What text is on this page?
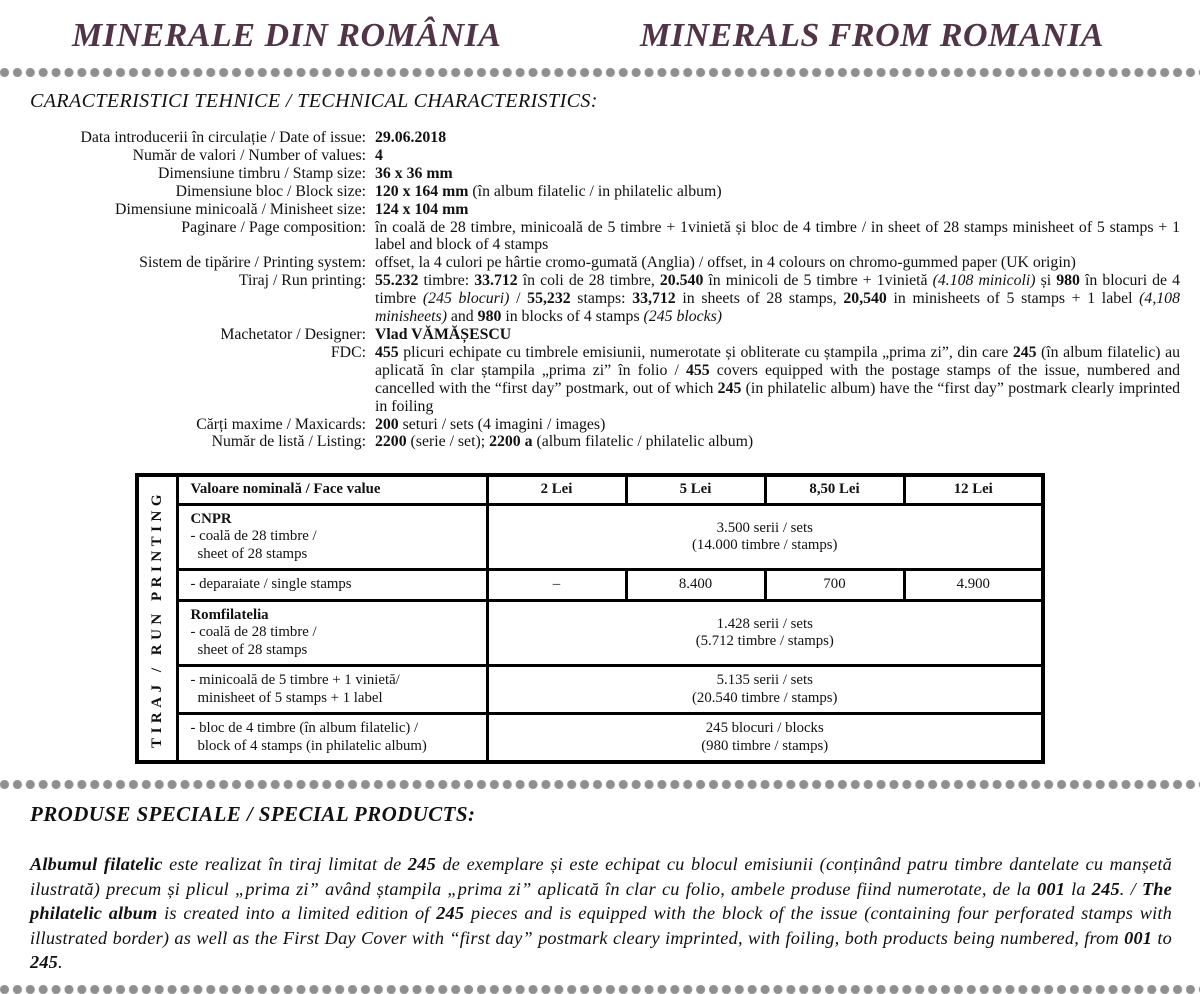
MINERALE DIN ROMÂNIA	MINERALS FROM ROMANIA
CARACTERISTICI TEHNICE / TECHNICAL CHARACTERISTICS:
Data introducerii în circulație / Date of issue: 29.06.2018
Număr de valori / Number of values: 4
Dimensiune timbru / Stamp size: 36 x 36 mm
Dimensiune bloc / Block size: 120 x 164 mm (în album filatelic / in philatelic album)
Dimensiune minicoală / Minisheet size: 124 x 104 mm
Paginare / Page composition: în coală de 28 timbre, minicoală de 5 timbre + 1vinietă și bloc de 4 timbre / in sheet of 28 stamps minisheet of 5 stamps + 1 label and block of 4 stamps
Sistem de tipărire / Printing system: offset, la 4 culori pe hârtie cromo-gumată (Anglia) / offset, in 4 colours on chromo-gummed paper (UK origin)
Tiraj / Run printing: 55.232 timbre: 33.712 în coli de 28 timbre, 20.540 în minicoli de 5 timbre + 1vinietă (4.108 minicoli) și 980 în blocuri de 4 timbre (245 blocuri) / 55,232 stamps: 33,712 in sheets of 28 stamps, 20,540 in minisheets of 5 stamps + 1 label (4,108 minisheets) and 980 in blocks of 4 stamps (245 blocks)
Machetator / Designer: Vlad VĂMĂȘESCU
FDC: 455 plicuri echipate cu timbrele emisiunii, numerotate și obliterate cu ștampila „prima zi”, din care 245 (în album filatelic) au aplicată în clar ștampila „prima zi” în folio / 455 covers equipped with the postage stamps of the issue, numbered and cancelled with the “first day” postmark, out of which 245 (in philatelic album) have the “first day” postmark clearly imprinted in foiling
Cărți maxime / Maxicards: 200 seturi / sets (4 imagini / images)
Număr de listă / Listing: 2200 (serie / set); 2200 a (album filatelic / philatelic album)
TIRAJ / RUN PRINTING	Valoare nominală / Face value	2 Lei	5 Lei	8,50 Lei	12 Lei

	CNPR
- coală de 28 timbre /
sheet of 28 stamps	3.500 serii / sets
(14.000 timbre / stamps)			

	- deparaiate / single stamps	–	8.400	700	4.900

	Romfilatelia
- coală de 28 timbre /
sheet of 28 stamps	1.428 serii / sets
(5.712 timbre / stamps)			

	- minicoală de 5 timbre + 1 vinietă/
minisheet of 5 stamps + 1 label	5.135 serii / sets
(20.540 timbre / stamps)			

	- bloc de 4 timbre (în album filatelic) /
block of 4 stamps (in philatelic album)	245 blocuri / blocks
(980 timbre / stamps)			
PRODUSE SPECIALE / SPECIAL PRODUCTS:
Albumul filatelic este realizat în tiraj limitat de 245 de exemplare și este echipat cu blocul emisiunii (conținând patru timbre dantelate cu manșetă ilustrată) precum și plicul „prima zi” având ștampila „prima zi” aplicată în clar cu folio, ambele produse fiind numerotate, de la 001 la 245. / The philatelic album is created into a limited edition of 245 pieces and is equipped with the block of the issue (containing four perforated stamps with illustrated border) as well as the First Day Cover with “first day” postmark cleary imprinted, with foiling, both products being numbered, from 001 to 245.
